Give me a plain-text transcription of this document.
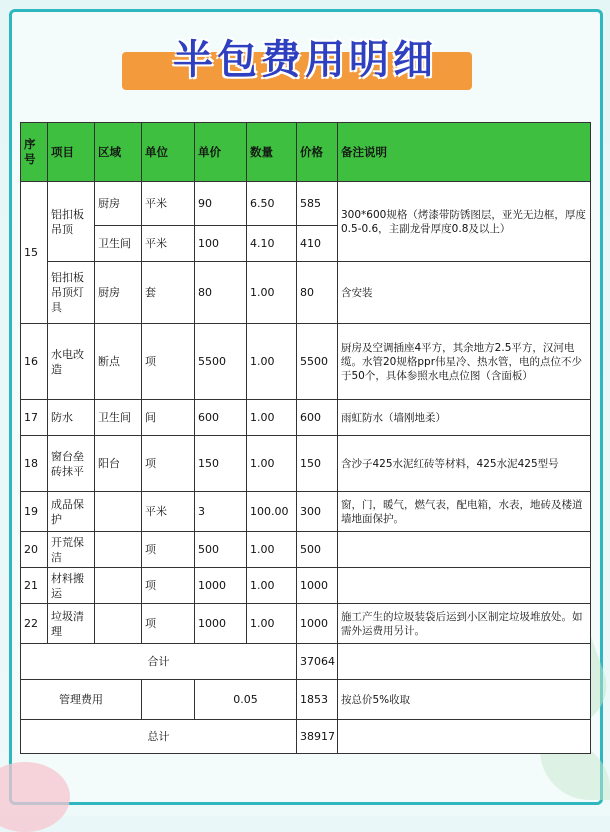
半包费用明细
序号	项目	区域	单位	单价	数量	价格	备注说明
15	铝扣板吊顶	厨房	平米	90	6.50	585	300*600规格（烤漆带防锈图层，亚光无边框，厚度0.5-0.6，主副龙骨厚度0.8及以上）
		卫生间	平米	100	4.10	410	
	铝扣板吊顶灯具	厨房	套	80	1.00	80	含安装
16	水电改造	断点	项	5500	1.00	5500	厨房及空调插座4平方，其余地方2.5平方，汉河电缆。水管20规格ppr伟星冷、热水管，电的点位不少于50个，具体参照水电点位图（含面板）
17	防水	卫生间	间	600	1.00	600	雨虹防水（墙刚地柔）
18	窗台垒砖抹平	阳台	项	150	1.00	150	含沙子425水泥红砖等材料，425水泥425型号
19	成品保护		平米	3	100.00	300	窗，门，暖气，燃气表，配电箱，水表，地砖及楼道墙地面保护。
20	开荒保洁		项	500	1.00	500	
21	材料搬运		项	1000	1.00	1000	
22	垃圾清理		项	1000	1.00	1000	施工产生的垃圾装袋后运到小区制定垃圾堆放处。如需外运费用另计。
合计						37064	
管理费用				0.05		1853	按总价5%收取
总计						38917	
